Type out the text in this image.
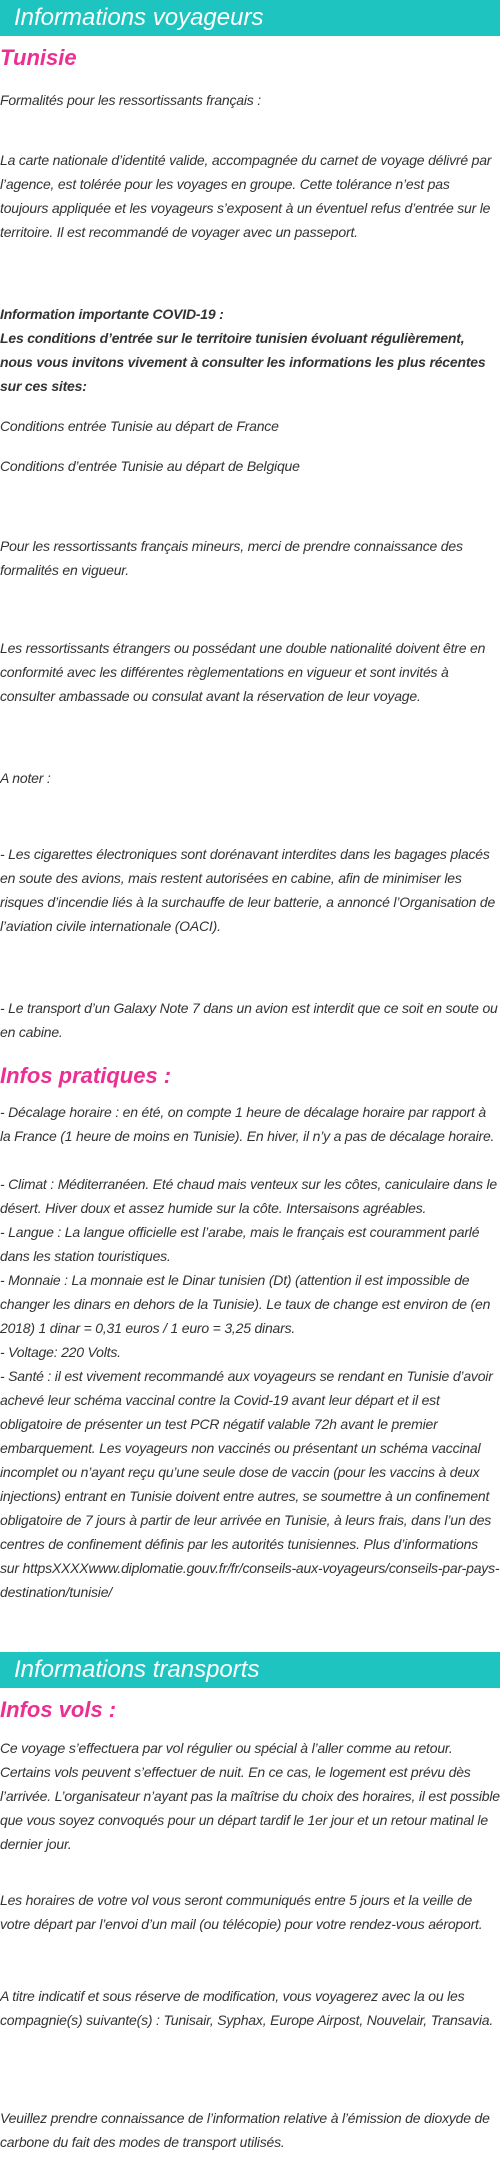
Informations voyageurs
Tunisie
Formalités pour les ressortissants français :
La carte nationale d’identité valide, accompagnée du carnet de voyage délivré par l’agence, est tolérée pour les voyages en groupe. Cette tolérance n’est pas toujours appliquée et les voyageurs s’exposent à un éventuel refus d’entrée sur le territoire. Il est recommandé de voyager avec un passeport.
Information importante COVID-19 :
Les conditions d’entrée sur le territoire tunisien évoluant régulièrement, nous vous invitons vivement à consulter les informations les plus récentes sur ces sites:
Conditions entrée Tunisie au départ de France
Conditions d’entrée Tunisie au départ de Belgique
Pour les ressortissants français mineurs, merci de prendre connaissance des formalités en vigueur.
Les ressortissants étrangers ou possédant une double nationalité doivent être en conformité avec les différentes règlementations en vigueur et sont invités à consulter ambassade ou consulat avant la réservation de leur voyage.
A noter :
- Les cigarettes électroniques sont dorénavant interdites dans les bagages placés en soute des avions, mais restent autorisées en cabine, afin de minimiser les risques d’incendie liés à la surchauffe de leur batterie, a annoncé l’Organisation de l’aviation civile internationale (OACI).
- Le transport d’un Galaxy Note 7 dans un avion est interdit que ce soit en soute ou en cabine.
Infos pratiques :
- Décalage horaire : en été, on compte 1 heure de décalage horaire par rapport à la France (1 heure de moins en Tunisie). En hiver, il n’y a pas de décalage horaire.
- Climat : Méditerranéen. Eté chaud mais venteux sur les côtes, caniculaire dans le désert. Hiver doux et assez humide sur la côte. Intersaisons agréables.
- Langue : La langue officielle est l’arabe, mais le français est couramment parlé dans les station touristiques.
- Monnaie : La monnaie est le Dinar tunisien (Dt) (attention il est impossible de changer les dinars en dehors de la Tunisie). Le taux de change est environ de (en 2018) 1 dinar = 0,31 euros / 1 euro = 3,25 dinars.
- Voltage: 220 Volts.
- Santé : il est vivement recommandé aux voyageurs se rendant en Tunisie d’avoir achevé leur schéma vaccinal contre la Covid-19 avant leur départ et il est obligatoire de présenter un test PCR négatif valable 72h avant le premier embarquement. Les voyageurs non vaccinés ou présentant un schéma vaccinal incomplet ou n’ayant reçu qu’une seule dose de vaccin (pour les vaccins à deux injections) entrant en Tunisie doivent entre autres, se soumettre à un confinement obligatoire de 7 jours à partir de leur arrivée en Tunisie, à leurs frais, dans l’un des centres de confinement définis par les autorités tunisiennes. Plus d’informations sur httpsXXXXwww.diplomatie.gouv.fr/fr/conseils-aux-voyageurs/conseils-par-pays-destination/tunisie/
Informations transports
Infos vols :
Ce voyage s’effectuera par vol régulier ou spécial à l’aller comme au retour. Certains vols peuvent s’effectuer de nuit. En ce cas, le logement est prévu dès l’arrivée. L’organisateur n’ayant pas la maîtrise du choix des horaires, il est possible que vous soyez convoqués pour un départ tardif le 1er jour et un retour matinal le dernier jour.
Les horaires de votre vol vous seront communiqués entre 5 jours et la veille de votre départ par l’envoi d’un mail (ou télécopie) pour votre rendez-vous aéroport.
A titre indicatif et sous réserve de modification, vous voyagerez avec la ou les compagnie(s) suivante(s) : Tunisair, Syphax, Europe Airpost, Nouvelair, Transavia.
Veuillez prendre connaissance de l’information relative à l’émission de dioxyde de carbone du fait des modes de transport utilisés.
